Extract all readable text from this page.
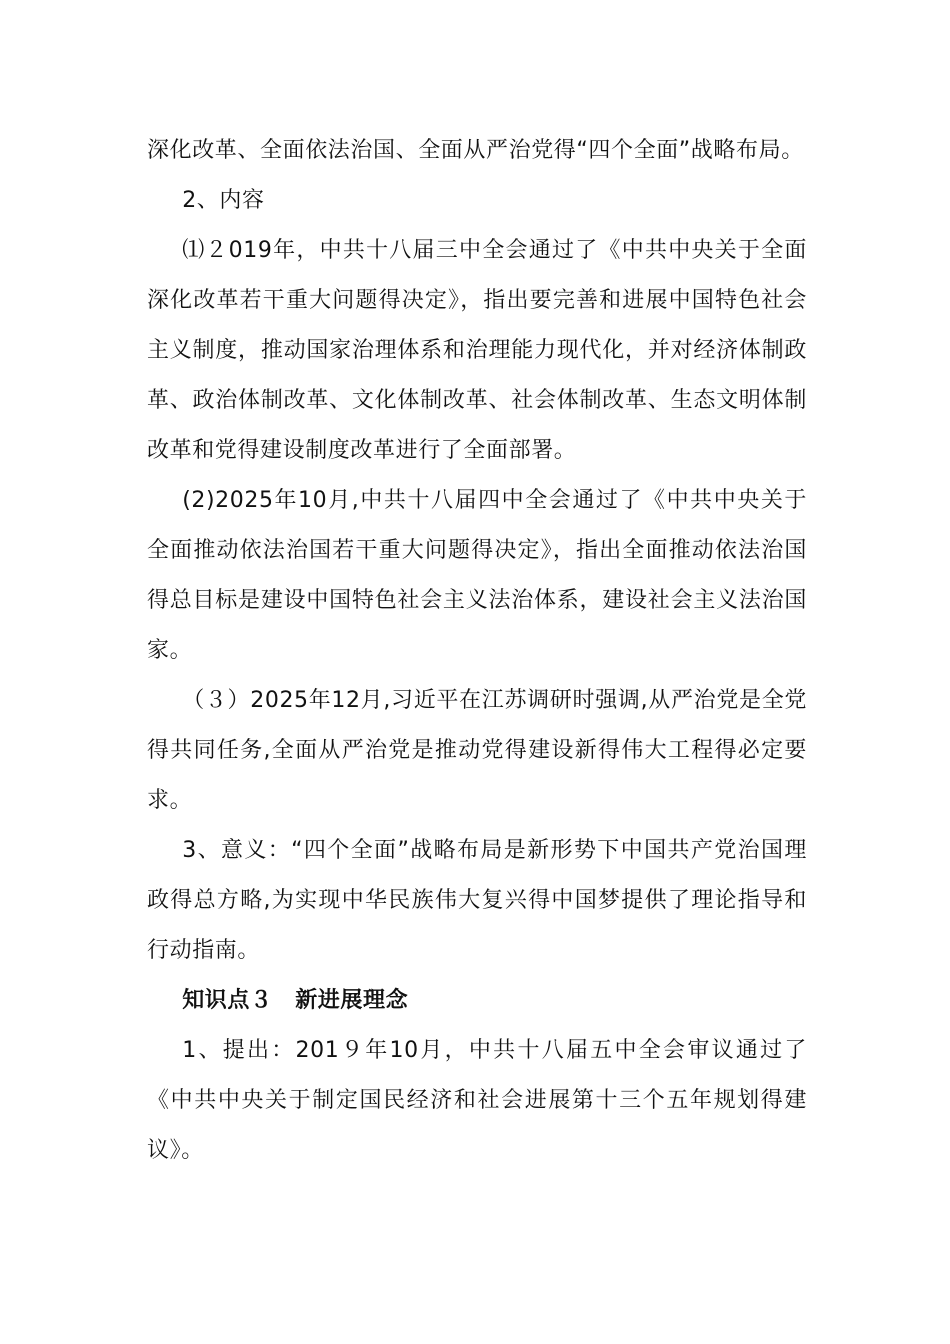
深化改革、全面依法治国、全面从严治党得“四个全面”战略布局。

2、内容

⑴２019年，中共十八届三中全会通过了《中共中央关于全面深化改革若干重大问题得决定》，指出要完善和进展中国特色社会主义制度，推动国家治理体系和治理能力现代化，并对经济体制政革、政治体制改革、文化体制改革、社会体制改革、生态文明体制改革和党得建设制度改革进行了全面部署。

(2)2025年10月,中共十八届四中全会通过了《中共中央关于全面推动依法治国若干重大问题得决定》，指出全面推动依法治国得总目标是建设中国特色社会主义法治体系，建设社会主义法治国家。

（３）2025年12月,习近平在江苏调研时强调,从严治党是全党得共同任务,全面从严治党是推动党得建设新得伟大工程得必定要求。

3、意义：“四个全面”战略布局是新形势下中国共产党治国理政得总方略,为实现中华民族伟大复兴得中国梦提供了理论指导和行动指南。

知识点３　新进展理念

1、提出：201９年10月，中共十八届五中全会审议通过了《中共中央关于制定国民经济和社会进展第十三个五年规划得建议》。
